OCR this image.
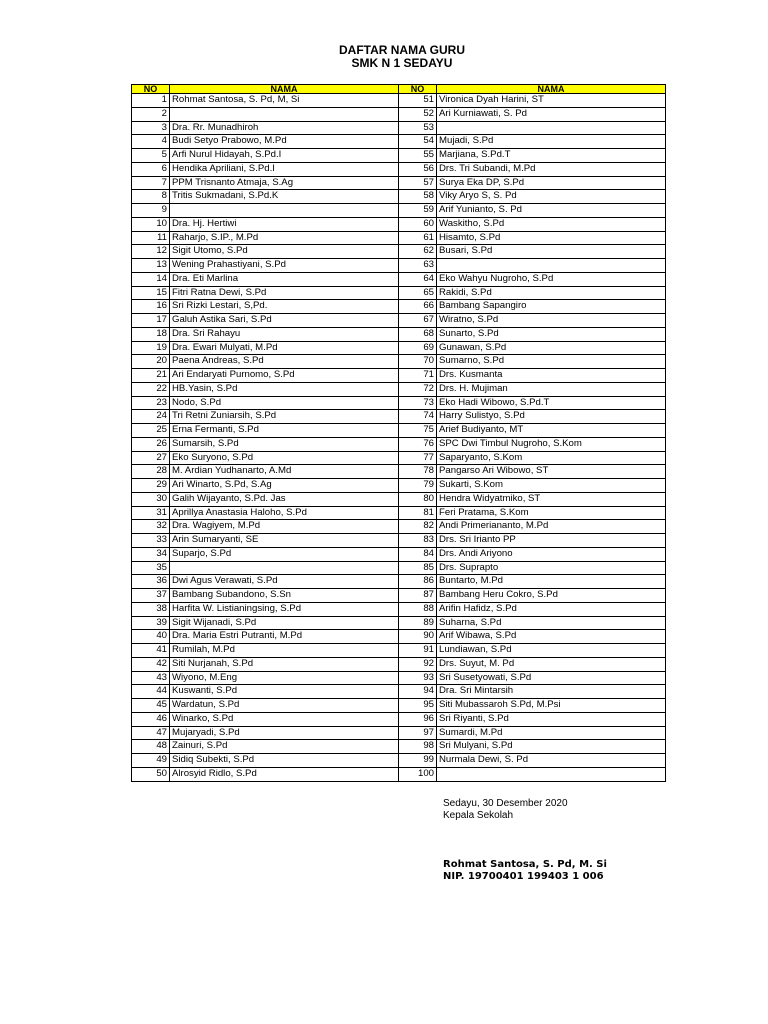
DAFTAR NAMA GURU
SMK N 1 SEDAYU
NO	NAMA	NO	NAMA
1	Rohmat Santosa, S. Pd, M, Si	51	Vironica Dyah Harini, ST
2		52	Ari Kurniawati, S. Pd
3	Dra. Rr. Munadhiroh	53	
4	Budi Setyo Prabowo, M.Pd	54	Mujadi, S.Pd
5	Arfi Nurul Hidayah, S.Pd.I	55	Marjiana, S.Pd.T
6	Hendika Apriliani, S.Pd.I	56	Drs. Tri Subandi, M.Pd
7	PPM Trisnanto Atmaja, S.Ag	57	Surya Eka DP, S.Pd
8	Tritis Sukmadani, S.Pd.K	58	Viky Aryo S, S. Pd
9		59	Arif Yunianto, S. Pd
10	Dra. Hj. Hertiwi	60	Waskitho, S.Pd
11	Raharjo, S.IP., M.Pd	61	Hisamto, S.Pd
12	Sigit Utomo, S.Pd	62	Busari, S.Pd
13	Wening Prahastiyani, S.Pd	63	
14	Dra. Eti Marlina	64	Eko Wahyu Nugroho, S.Pd
15	Fitri Ratna Dewi, S.Pd	65	Rakidi, S.Pd
16	Sri Rizki Lestari, S,Pd.	66	Bambang Sapangiro
17	Galuh Astika Sari, S.Pd	67	Wiratno, S.Pd
18	Dra. Sri Rahayu	68	Sunarto, S.Pd
19	Dra. Ewari Mulyati, M.Pd	69	Gunawan, S.Pd
20	Paena Andreas, S.Pd	70	Sumarno, S.Pd
21	Ari Endaryati Purnomo, S.Pd	71	Drs. Kusmanta
22	HB.Yasin, S.Pd	72	Drs. H. Mujiman
23	Nodo, S.Pd	73	Eko Hadi Wibowo, S.Pd.T
24	Tri Retni Zuniarsih, S.Pd	74	Harry Sulistyo, S.Pd
25	Erna Fermanti, S.Pd	75	Arief Budiyanto, MT
26	Sumarsih, S.Pd	76	SPC Dwi Timbul Nugroho, S.Kom
27	Eko Suryono, S.Pd	77	Saparyanto, S.Kom
28	M. Ardian Yudhanarto, A.Md	78	Pangarso Ari Wibowo, ST
29	Ari Winarto, S.Pd, S.Ag	79	Sukarti, S.Kom
30	Galih Wijayanto, S.Pd. Jas	80	Hendra Widyatmiko, ST
31	Aprillya Anastasia Haloho, S.Pd	81	Feri Pratama, S.Kom
32	Dra. Wagiyem, M.Pd	82	Andi Primeriananto, M.Pd
33	Arin Sumaryanti, SE	83	Drs. Sri Irianto PP
34	Suparjo, S.Pd	84	Drs. Andi Ariyono
35		85	Drs. Suprapto
36	Dwi Agus Verawati, S.Pd	86	Buntarto, M.Pd
37	Bambang Subandono, S.Sn	87	Bambang Heru Cokro, S.Pd
38	Harfita W. Listianingsing, S.Pd	88	Arifin Hafidz, S.Pd
39	Sigit Wijanadi, S.Pd	89	Suharna, S.Pd
40	Dra. Maria Estri Putranti, M.Pd	90	Arif Wibawa, S.Pd
41	Rumilah, M.Pd	91	Lundiawan, S.Pd
42	Siti Nurjanah, S.Pd	92	Drs. Suyut, M. Pd
43	Wiyono, M.Eng	93	Sri Susetyowati, S.Pd
44	Kuswanti, S.Pd	94	Dra. Sri Mintarsih
45	Wardatun, S.Pd	95	Siti Mubassaroh S.Pd, M.Psi
46	Winarko, S.Pd	96	Sri Riyanti, S.Pd
47	Mujaryadi, S.Pd	97	Sumardi, M.Pd
48	Zainuri, S.Pd	98	Sri Mulyani, S.Pd
49	Sidiq Subekti, S.Pd	99	Nurmala Dewi, S. Pd
50	Alrosyid Ridlo, S.Pd	100	
Sedayu, 30 Desember 2020
Kepala Sekolah
Rohmat Santosa, S. Pd, M. Si
NIP. 19700401 199403 1 006
